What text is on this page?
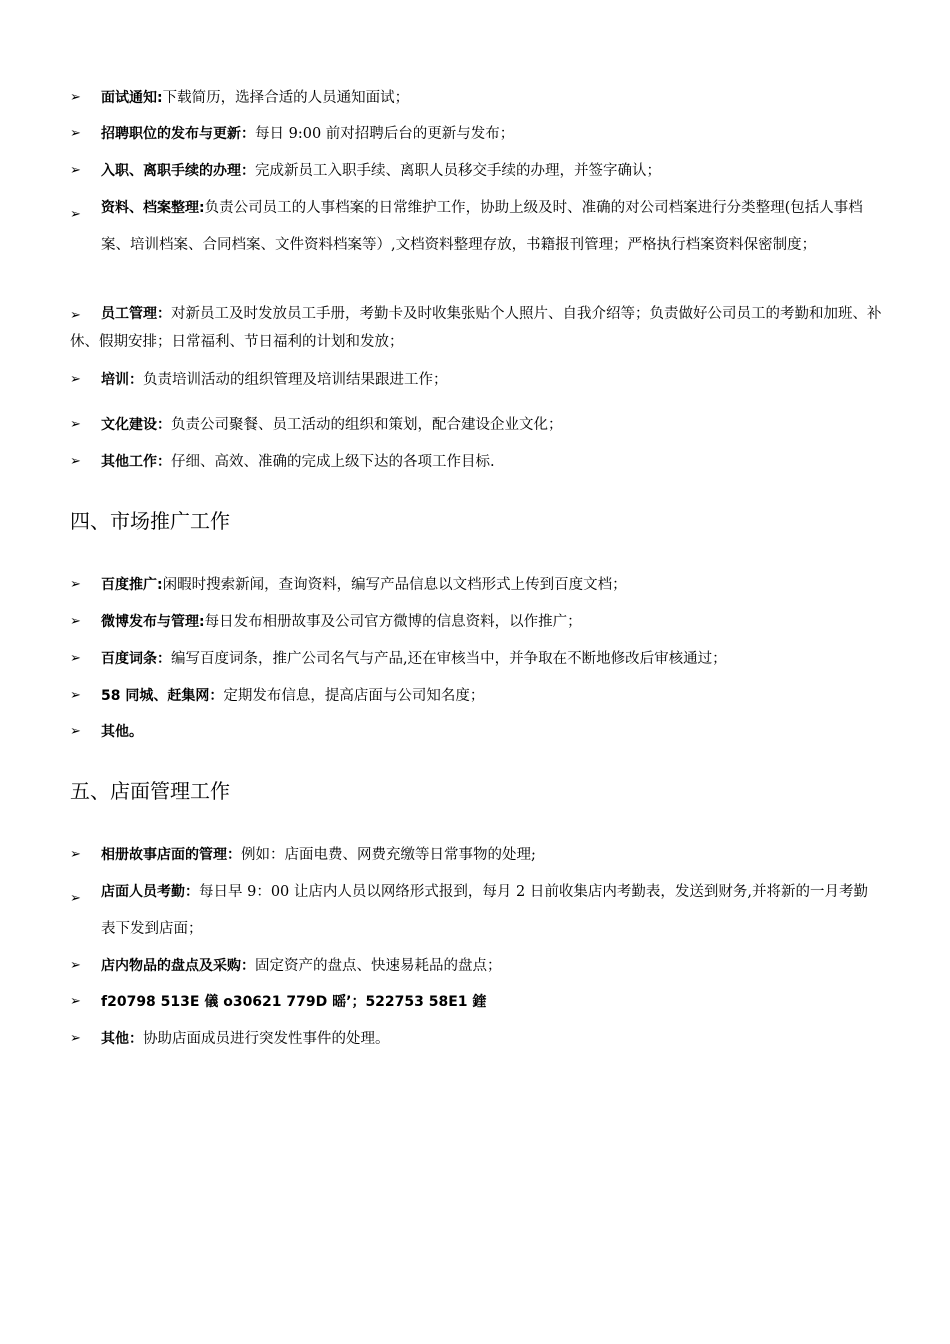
➢	面试通知:下载简历，选择合适的人员通知面试；
➢	招聘职位的发布与更新：每日 9:00 前对招聘后台的更新与发布；
➢	入职、离职手续的办理：完成新员工入职手续、离职人员移交手续的办理，并签字确认；
➢	资料、档案整理:负责公司员工的人事档案的日常维护工作，协助上级及时、准确的对公司档案进行分类整理(包括人事档案、培训档案、合同档案、文件资料档案等）,文档资料整理存放，书籍报刊管理；严格执行档案资料保密制度；
➢	员工管理：对新员工及时发放员工手册，考勤卡及时收集张贴个人照片、自我介绍等；负责做好公司员工的考勤和加班、补休、假期安排；日常福利、节日福利的计划和发放；
➢	培训：负责培训活动的组织管理及培训结果跟进工作；
➢	文化建设：负责公司聚餐、员工活动的组织和策划，配合建设企业文化；
➢	其他工作：仔细、高效、准确的完成上级下达的各项工作目标.
四、市场推广工作
➢	百度推广:闲暇时搜索新闻，查询资料，编写产品信息以文档形式上传到百度文档；
➢	微博发布与管理:每日发布相册故事及公司官方微博的信息资料，以作推广；
➢	百度词条：编写百度词条，推广公司名气与产品,还在审核当中，并争取在不断地修改后审核通过；
➢	58 同城、赶集网：定期发布信息，提高店面与公司知名度；
➢	其他。
五、店面管理工作
➢	相册故事店面的管理：例如：店面电费、网费充缴等日常事物的处理;
➢	店面人员考勤：每日早 9：00 让店内人员以网络形式报到，每月 2 日前收集店内考勤表，发送到财务,并将新的一月考勤表下发到店面；
➢	店内物品的盘点及采购：固定资产的盘点、快速易耗品的盘点；
➢	f20798 513E 儀 o30621 779D 暚’；522753 58E1 鍷
➢	其他：协助店面成员进行突发性事件的处理。
